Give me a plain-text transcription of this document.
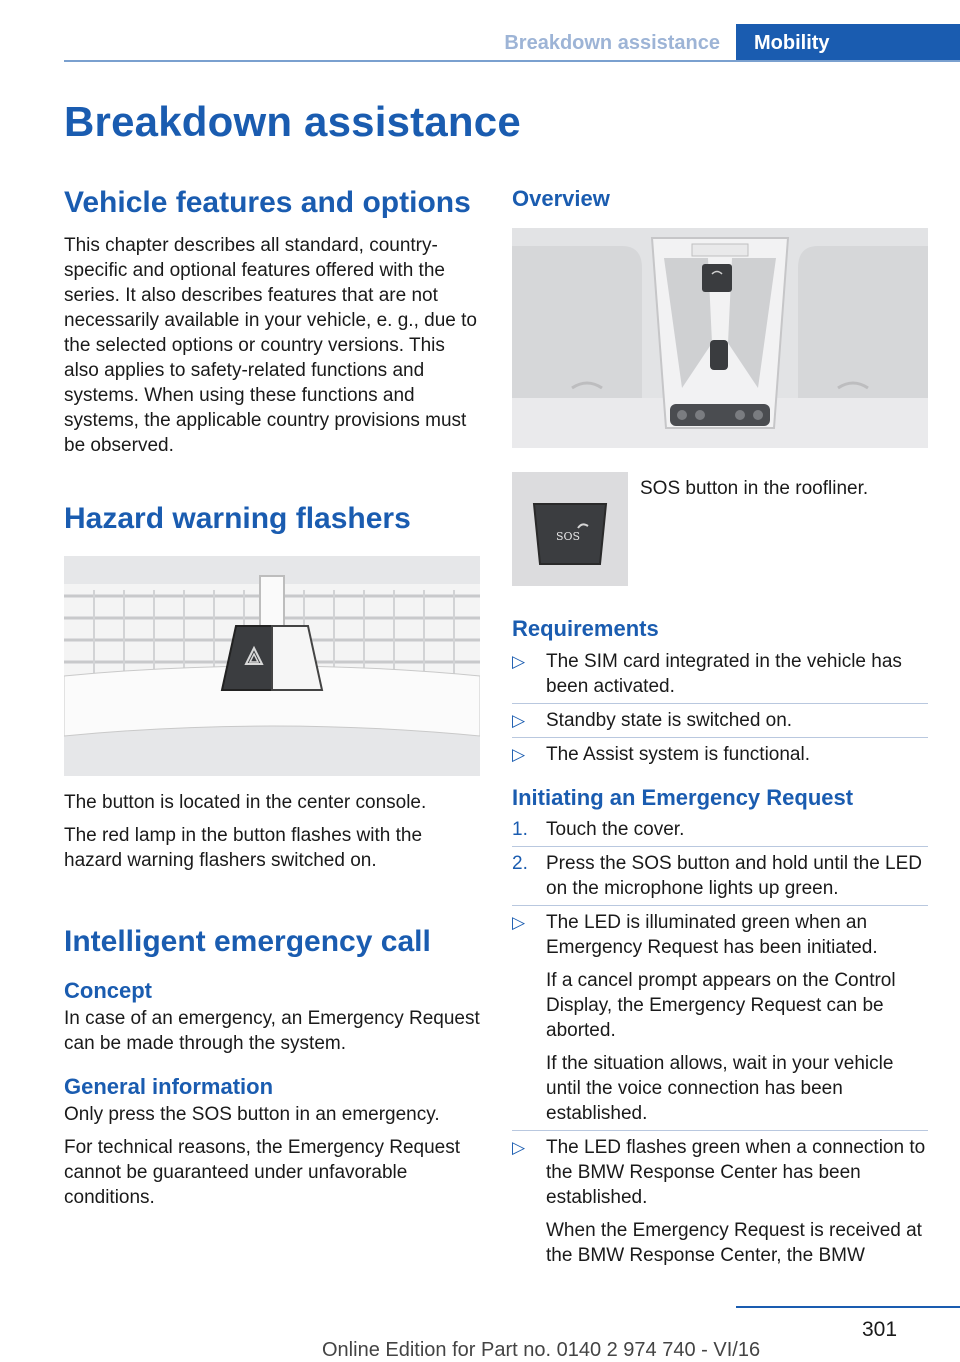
Breakdown assistance	Mobility
Breakdown assistance
Vehicle features and options

This chapter describes all standard, country-specific and optional features offered with the series. It also describes features that are not necessarily available in your vehicle, e. g., due to the selected options or country versions. This also applies to safety-related functions and systems. When using these functions and systems, the applicable country provisions must be observed.

Hazard warning flashers

The button is located in the center console.

The red lamp in the button flashes with the hazard warning flashers switched on.

Intelligent emergency call
Concept

In case of an emergency, an Emergency Request can be made through the system.

General information

Only press the SOS button in an emergency.

For technical reasons, the Emergency Request cannot be guaranteed under unfavorable conditions.

Overview
SOS

SOS button in the roofliner.

Requirements
▷ The SIM card integrated in the vehicle has been activated.
▷ Standby state is switched on.
▷ The Assist system is functional.
Initiating an Emergency Request
1. Touch the cover.
2. Press the SOS button and hold until the LED on the microphone lights up green.
▷ The LED is illuminated green when an Emergency Request has been initiated.

If a cancel prompt appears on the Control Display, the Emergency Request can be aborted.

If the situation allows, wait in your vehicle until the voice connection has been established.

▷ The LED flashes green when a connection to the BMW Response Center has been established.

When the Emergency Request is received at the BMW Response Center, the BMW

301
Online Edition for Part no. 0140 2 974 740 - VI/16
